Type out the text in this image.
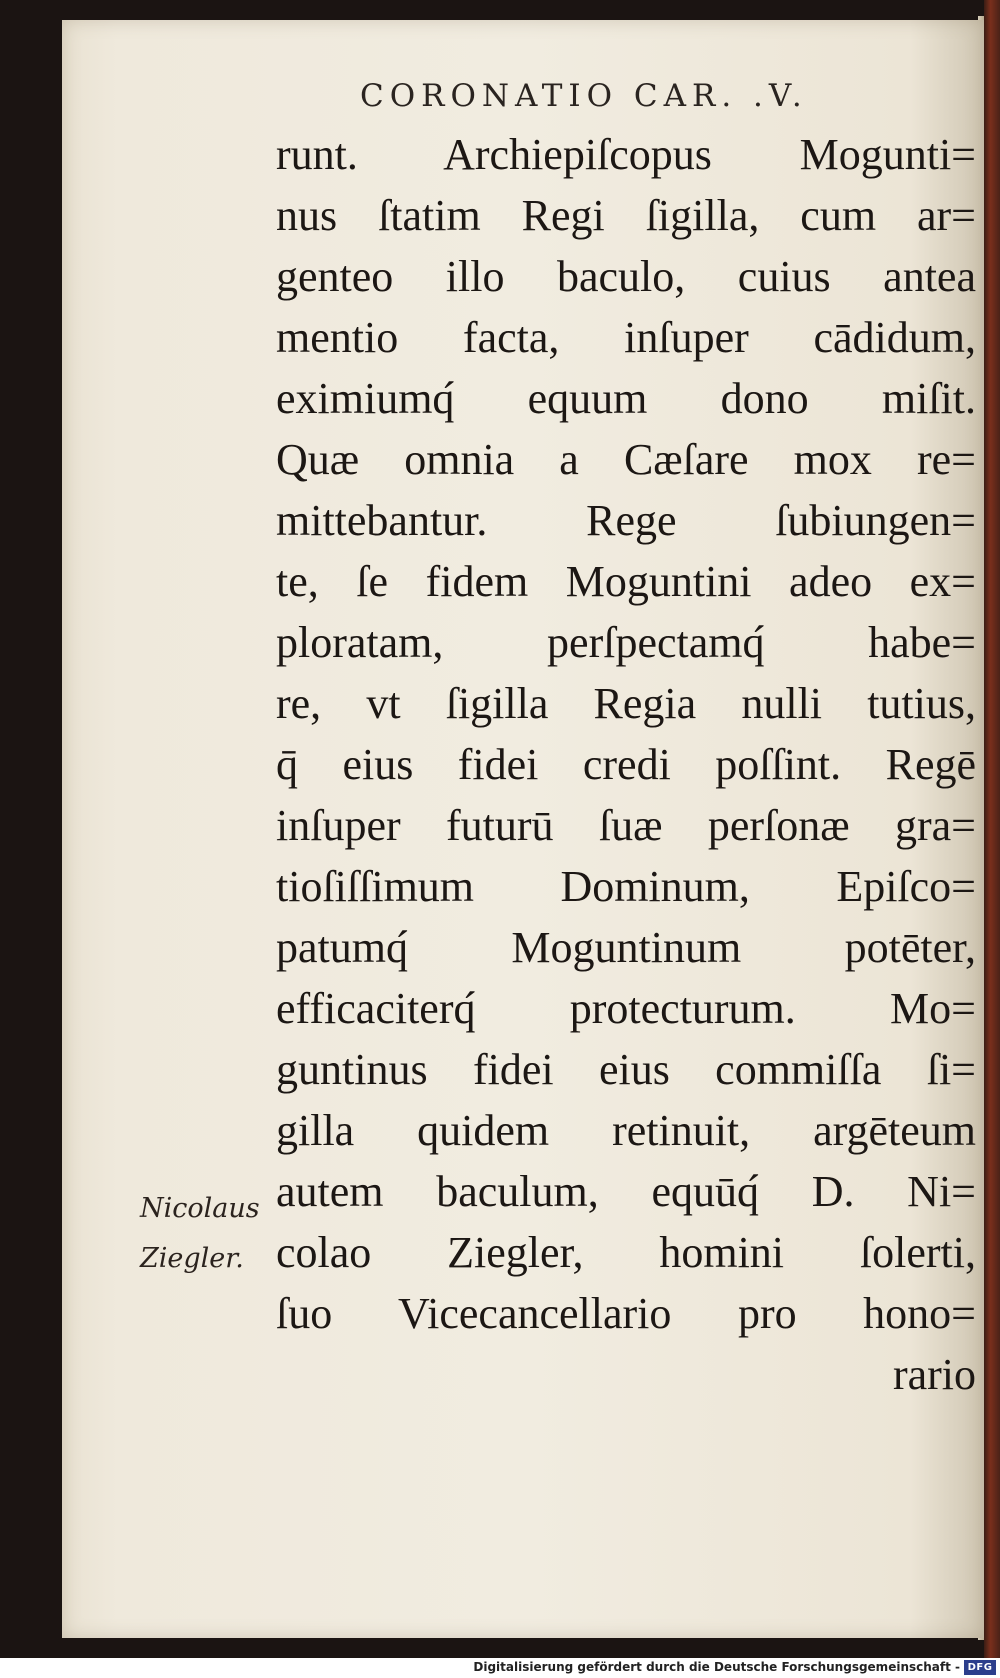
CORONATIO CAR. .V.
runt. Archiepiſcopus Mogunti=
nus ſtatim Regi ſigilla, cum ar=
genteo illo baculo, cuius antea
mentio facta, inſuper cādidum,
eximiumq́ equum dono miſit.
Quæ omnia a Cæſare mox re=
mittebantur. Rege ſubiungen=
te, ſe fidem Moguntini adeo ex=
ploratam, perſpectamq́ habe=
re, vt ſigilla Regia nulli tutius,
q̄ eius fidei credi poſſint. Regē
inſuper futurū ſuæ perſonæ gra=
tioſiſſimum Dominum, Epiſco=
patumq́ Moguntinum potēter,
efficaciterq́ protecturum. Mo=
guntinus fidei eius commiſſa ſi=
gilla quidem retinuit, argēteum
autem baculum, equūq́ D. Ni=
colao Ziegler, homini ſolerti,
ſuo Vicecancellario pro hono=
rario
Nicolaus
Ziegler.
Digitalisierung gefördert durch die Deutsche Forschungsgemeinschaft - DFG
